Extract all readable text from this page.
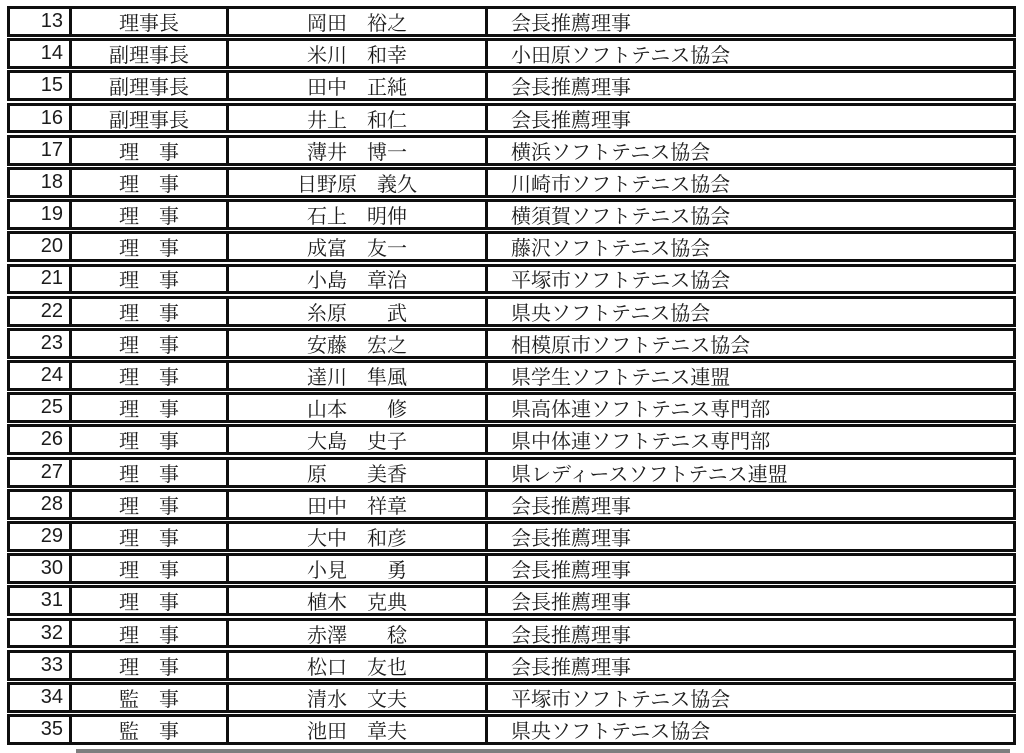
13	理事長	岡田　裕之	会長推薦理事
14	副理事長	米川　和幸	小田原ソフトテニス協会
15	副理事長	田中　正純	会長推薦理事
16	副理事長	井上　和仁	会長推薦理事
17	理　事	薄井　博一	横浜ソフトテニス協会
18	理　事	日野原　義久	川崎市ソフトテニス協会
19	理　事	石上　明伸	横須賀ソフトテニス協会
20	理　事	成富　友一	藤沢ソフトテニス協会
21	理　事	小島　章治	平塚市ソフトテニス協会
22	理　事	糸原　　武	県央ソフトテニス協会
23	理　事	安藤　宏之	相模原市ソフトテニス協会
24	理　事	達川　隼風	県学生ソフトテニス連盟
25	理　事	山本　　修	県高体連ソフトテニス専門部
26	理　事	大島　史子	県中体連ソフトテニス専門部
27	理　事	原　　美香	県レディースソフトテニス連盟
28	理　事	田中　祥章	会長推薦理事
29	理　事	大中　和彦	会長推薦理事
30	理　事	小見　　勇	会長推薦理事
31	理　事	植木　克典	会長推薦理事
32	理　事	赤澤　　稔	会長推薦理事
33	理　事	松口　友也	会長推薦理事
34	監　事	清水　文夫	平塚市ソフトテニス協会
35	監　事	池田　章夫	県央ソフトテニス協会
